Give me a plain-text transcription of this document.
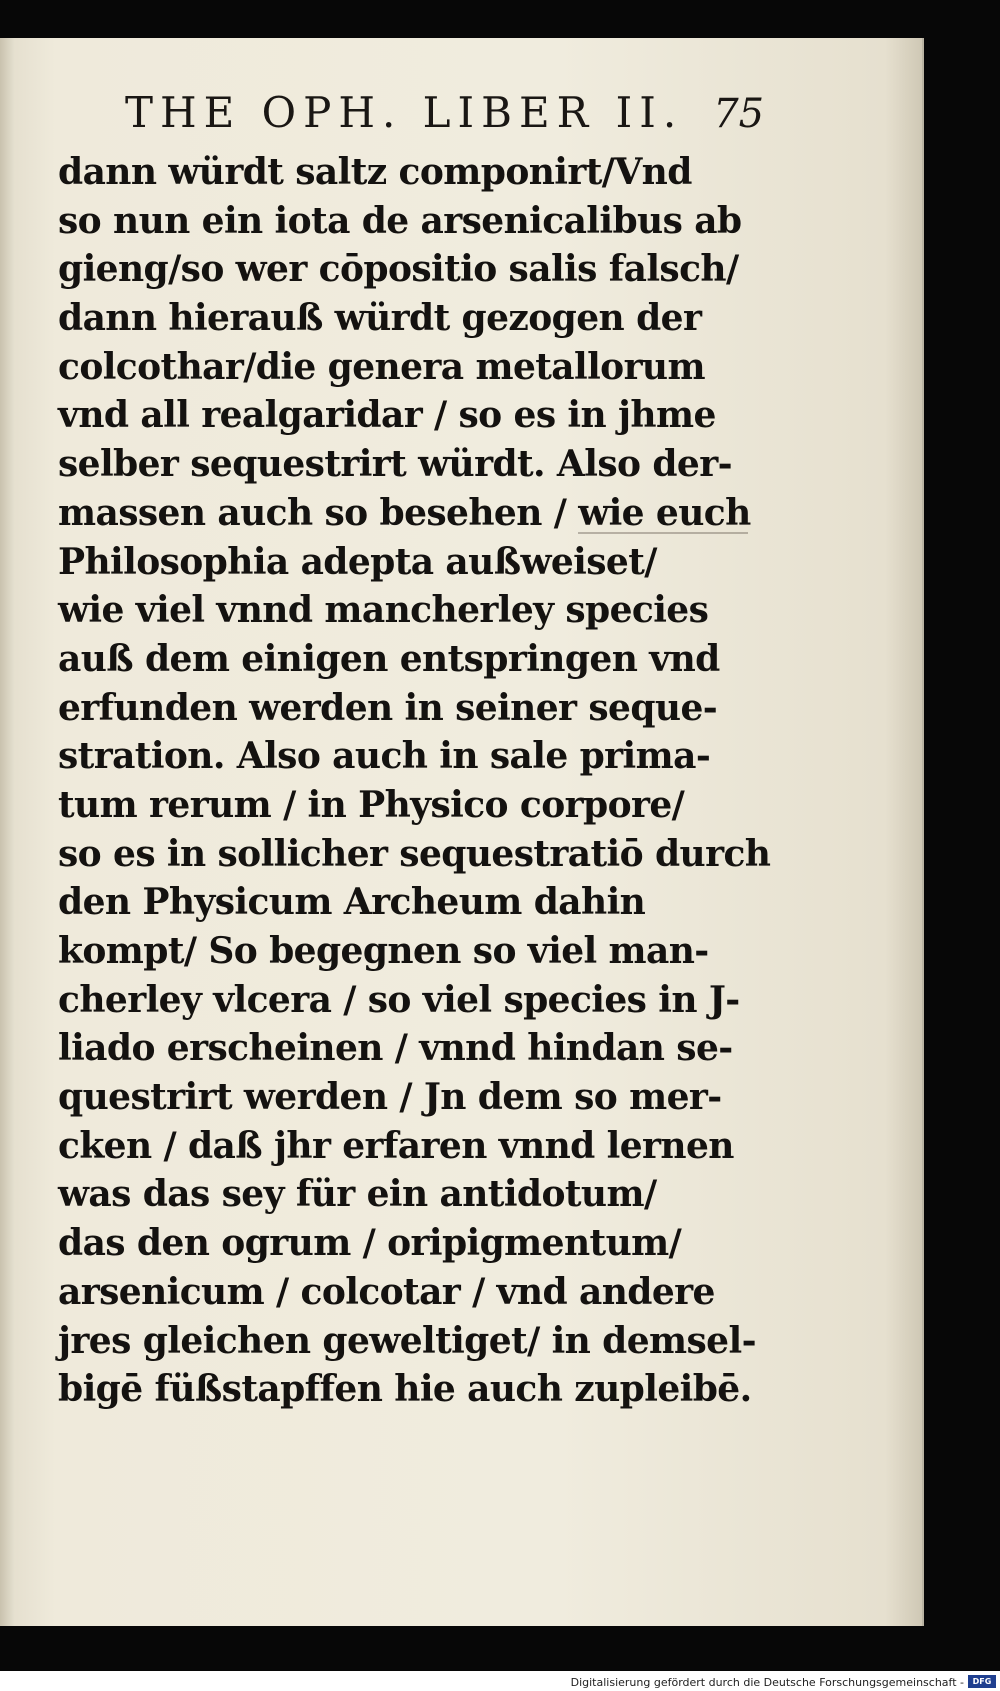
THE OPH. LIBER II. 75
dann würdt saltz componirt/Vnd
so nun ein iota de arsenicalibus ab
gieng/so wer cōpositio salis falsch/
dann hierauß würdt gezogen der
colcothar/die genera metallorum
vnd all realgaridar / so es in jhme
selber sequestrirt würdt. Also der-
massen auch so besehen / wie euch
Philosophia adepta außweiset/
wie viel vnnd mancherley species
auß dem einigen entspringen vnd
erfunden werden in seiner seque-
stration. Also auch in sale prima-
tum rerum / in Physico corpore/
so es in sollicher sequestratiō durch
den Physicum Archeum dahin
kompt/ So begegnen so viel man-
cherley vlcera / so viel species in J-
liado erscheinen / vnnd hindan se-
questrirt werden / Jn dem so mer-
cken / daß jhr erfaren vnnd lernen
was das sey für ein antidotum/
das den ogrum / oripigmentum/
arsenicum / colcotar / vnd andere
jres gleichen geweltiget/ in demsel-
bigē füßstapffen hie auch zupleibē.
Digitalisierung gefördert durch die Deutsche Forschungsgemeinschaft -	DFG
